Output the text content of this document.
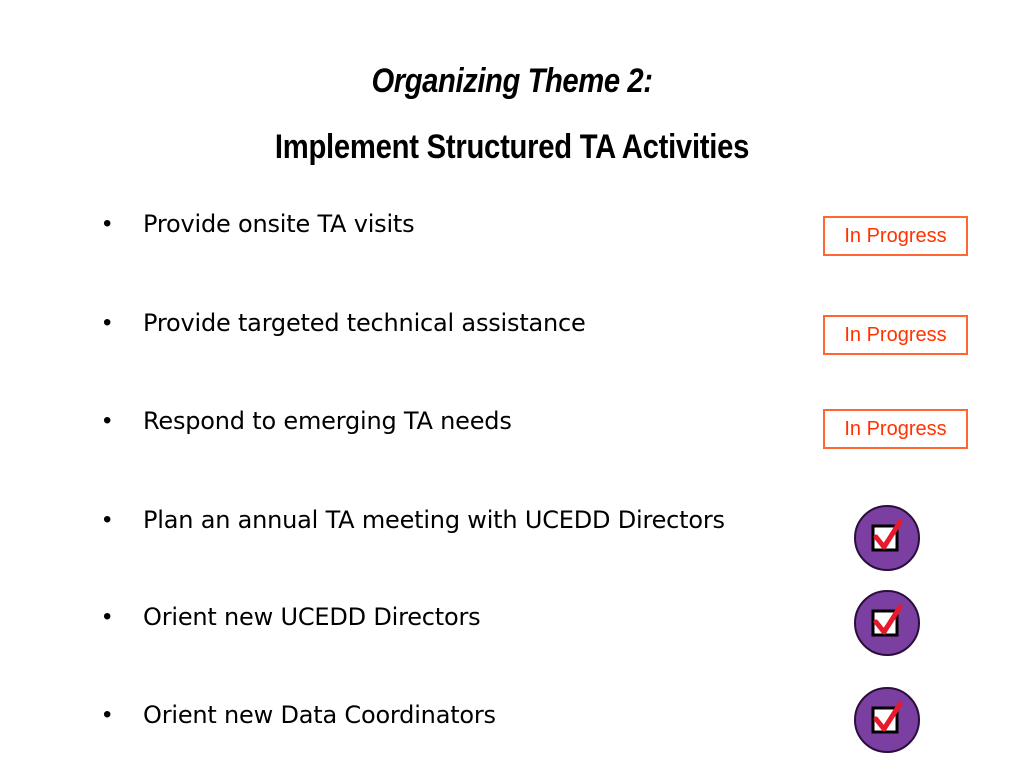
Organizing Theme 2:
Implement Structured TA Activities
• Provide onsite TA visits	In Progress
• Provide targeted technical assistance	In Progress
• Respond to emerging TA needs	In Progress
• Plan an annual TA meeting with UCEDD Directors
• Orient new UCEDD Directors
• Orient new Data Coordinators
